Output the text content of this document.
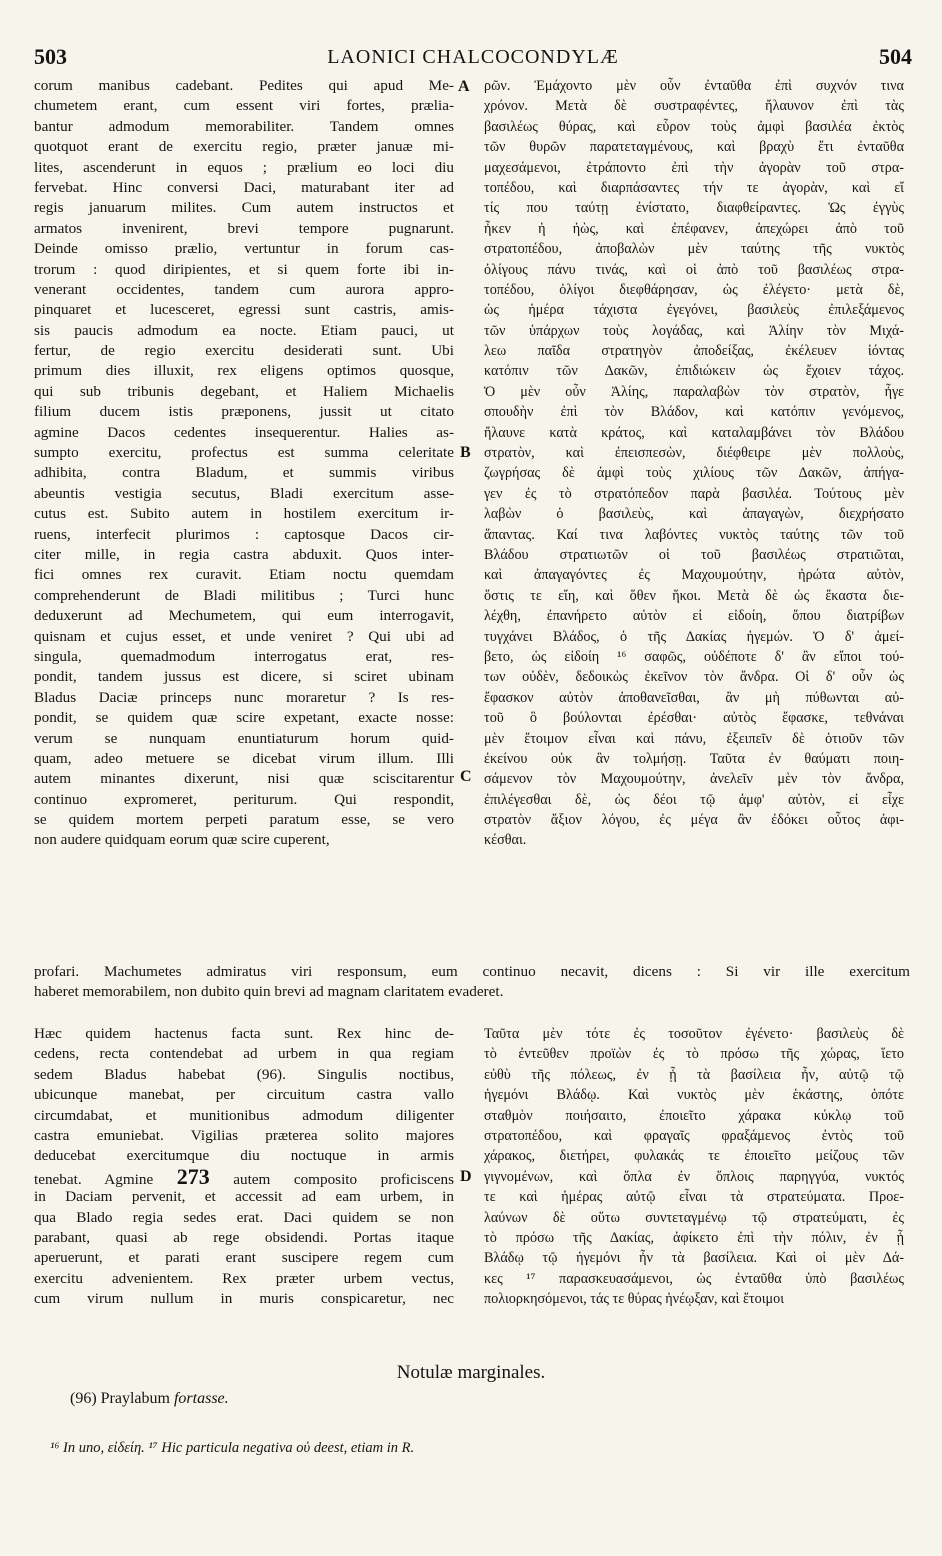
503	LAONICI CHALCOCONDYLÆ	504
A
B
C
D
corum manibus cadebant. Pedites qui apud Me-
chumetem erant, cum essent viri fortes, prælia-
bantur admodum memorabiliter. Tandem omnes
quotquot erant de exercitu regio, præter januæ mi-
lites, ascenderunt in equos ; prælium eo loci diu
fervebat. Hinc conversi Daci, maturabant iter ad
regis januarum milites. Cum autem instructos et
armatos invenirent, brevi tempore pugnarunt.
Deinde omisso prælio, vertuntur in forum cas-
trorum : quod diripientes, et si quem forte ibi in-
venerant occidentes, tandem cum aurora appro-
pinquaret et lucesceret, egressi sunt castris, amis-
sis paucis admodum ea nocte. Etiam pauci, ut
fertur, de regio exercitu desiderati sunt. Ubi
primum dies illuxit, rex eligens optimos quosque,
qui sub tribunis degebant, et Haliem Michaelis
filium ducem istis præponens, jussit ut citato
agmine Dacos cedentes insequerentur. Halies as-
sumpto exercitu, profectus est summa celeritate
adhibita, contra Bladum, et summis viribus
abeuntis vestigia secutus, Bladi exercitum asse-
cutus est. Subito autem in hostilem exercitum ir-
ruens, interfecit plurimos : captosque Dacos cir-
citer mille, in regia castra abduxit. Quos inter-
fici omnes rex curavit. Etiam noctu quemdam
comprehenderunt de Bladi militibus ; Turci hunc
deduxerunt ad Mechumetem, qui eum interrogavit,
quisnam et cujus esset, et unde veniret ? Qui ubi ad
singula, quemadmodum interrogatus erat, res-
pondit, tandem jussus est dicere, si sciret ubinam
Bladus Daciæ princeps nunc moraretur ? Is res-
pondit, se quidem quæ scire expetant, exacte nosse:
verum se nunquam enuntiaturum horum quid-
quam, adeo metuere se dicebat virum illum. Illi
autem minantes dixerunt, nisi quæ sciscitarentur
continuo expromeret, periturum. Qui respondit,
se quidem mortem perpeti paratum esse, se vero
non audere quidquam eorum quæ scire cuperent,
ρῶν. Ἐμάχοντο μὲν οὖν ἐνταῦθα ἐπὶ συχνόν τινα
χρόνον. Μετὰ δὲ συστραφέντες, ἤλαυνον ἐπὶ τὰς
βασιλέως θύρας, καὶ εὗρον τοὺς ἀμφὶ βασιλέα ἐκτὸς
τῶν θυρῶν παρατεταγμένους, καὶ βραχὺ ἔτι ἐνταῦθα
μαχεσάμενοι, ἐτράποντο ἐπὶ τὴν ἀγορὰν τοῦ στρα-
τοπέδου, καὶ διαρπάσαντες τήν τε ἀγορὰν, καὶ εἴ
τίς που ταύτῃ ἐνίστατο, διαφθείραντες. Ὡς ἐγγὺς
ἦκεν ἡ ἠὼς, καὶ ἐπέφανεν, ἀπεχώρει ἀπὸ τοῦ
στρατοπέδου, ἀποβαλὼν μὲν ταύτης τῆς νυκτὸς
ὀλίγους πάνυ τινάς, καὶ οἱ ἀπὸ τοῦ βασιλέως στρα-
τοπέδου, ὀλίγοι διεφθάρησαν, ὡς ἐλέγετο· μετὰ δὲ,
ὡς ἡμέρα τάχιστα ἐγεγόνει, βασιλεὺς ἐπιλεξάμενος
τῶν ὑπάρχων τοὺς λογάδας, καὶ Ἀλίην τὸν Μιχά-
λεω παῖδα στρατηγὸν ἀποδείξας, ἐκέλευεν ἰόντας
κατόπιν τῶν Δακῶν, ἐπιδιώκειν ὡς ἔχοιεν τάχος.
Ὁ μὲν οὖν Ἀλίης, παραλαβὼν τὸν στρατὸν, ἦγε
σπουδὴν ἐπὶ τὸν Βλάδον, καὶ κατόπιν γενόμενος,
ἤλαυνε κατὰ κράτος, καὶ καταλαμβάνει τὸν Βλάδου
στρατὸν, καὶ ἐπεισπεσὼν, διέφθειρε μὲν πολλοὺς,
ζωγρήσας δὲ ἀμφὶ τοὺς χιλίους τῶν Δακῶν, ἀπήγα-
γεν ἐς τὸ στρατόπεδον παρὰ βασιλέα. Τούτους μὲν
λαβὼν ὁ βασιλεὺς, καὶ ἀπαγαγὼν, διεχρήσατο
ἅπαντας. Καί τινα λαβόντες νυκτὸς ταύτης τῶν τοῦ
Βλάδου στρατιωτῶν οἱ τοῦ βασιλέως στρατιῶται,
καὶ ἀπαγαγόντες ἐς Μαχουμούτην, ἠρώτα αὐτὸν,
ὅστις τε εἴη, καὶ ὅθεν ἥκοι. Μετὰ δὲ ὡς ἕκαστα διε-
λέχθη, ἐπανήρετο αὐτὸν εἰ εἰδοίη, ὅπου διατρίβων
τυγχάνει Βλάδος, ὁ τῆς Δακίας ἡγεμών. Ὁ δ' ἀμεί-
βετο, ὡς εἰδοίη ¹⁶ σαφῶς, οὐδέποτε δ' ἂν εἴποι τού-
των οὐδὲν, δεδοικὼς ἐκεῖνον τὸν ἄνδρα. Οἱ δ' οὖν ὡς
ἔφασκον αὐτὸν ἀποθανεῖσθαι, ἂν μὴ πύθωνται αὐ-
τοῦ ὃ βούλονται ἐρέσθαι· αὐτὸς ἔφασκε, τεθνάναι
μὲν ἕτοιμον εἶναι καὶ πάνυ, ἐξειπεῖν δὲ ὁτιοῦν τῶν
ἐκείνου οὐκ ἂν τολμήσῃ. Ταῦτα ἐν θαύματι ποιη-
σάμενον τὸν Μαχουμούτην, ἀνελεῖν μὲν τὸν ἄνδρα,
ἐπιλέγεσθαι δὲ, ὡς δέοι τῷ ἀμφ' αὐτὸν, εἰ εἶχε
στρατὸν ἄξιον λόγου, ἐς μέγα ἂν ἐδόκει οὗτος ἀφι-
κέσθαι.
profari. Machumetes admiratus viri responsum, eum continuo necavit, dicens : Si vir ille exercitum
haberet memorabilem, non dubito quin brevi ad magnam claritatem evaderet.
Hæc quidem hactenus facta sunt. Rex hinc de-
cedens, recta contendebat ad urbem in qua regiam
sedem Bladus habebat (96). Singulis noctibus,
ubicunque manebat, per circuitum castra vallo
circumdabat, et munitionibus admodum diligenter
castra emuniebat. Vigilias præterea solito majores
deducebat exercitumque diu noctuque in armis
tenebat. Agmine 273 autem composito proficiscens
in Daciam pervenit, et accessit ad eam urbem, in
qua Blado regia sedes erat. Daci quidem se non
parabant, quasi ab rege obsidendi. Portas itaque
aperuerunt, et parati erant suscipere regem cum
exercitu advenientem. Rex præter urbem vectus,
cum virum nullum in muris conspicaretur, nec
Ταῦτα μὲν τότε ἐς τοσοῦτον ἐγένετο· βασιλεὺς δὲ
τὸ ἐντεῦθεν προϊὼν ἐς τὸ πρόσω τῆς χώρας, ἵετο
εὐθὺ τῆς πόλεως, ἐν ᾗ τὰ βασίλεια ἦν, αὐτῷ τῷ
ἡγεμόνι Βλάδῳ. Καὶ νυκτὸς μὲν ἑκάστης, ὁπότε
σταθμὸν ποιήσαιτο, ἐποιεῖτο χάρακα κύκλῳ τοῦ
στρατοπέδου, καὶ φραγαῖς φραξάμενος ἐντὸς τοῦ
χάρακος, διετήρει, φυλακάς τε ἐποιεῖτο μείζους τῶν
γιγνομένων, καὶ ὅπλα ἐν ὅπλοις παρηγγύα, νυκτός
τε καὶ ἡμέρας αὐτῷ εἶναι τὰ στρατεύματα. Προε-
λαύνων δὲ οὕτω συντεταγμένῳ τῷ στρατεύματι, ἐς
τὸ πρόσω τῆς Δακίας, ἀφίκετο ἐπὶ τὴν πόλιν, ἐν ᾗ
Βλάδῳ τῷ ἡγεμόνι ἦν τὰ βασίλεια. Καὶ οἱ μὲν Δά-
κες ¹⁷ παρασκευασάμενοι, ὡς ἐνταῦθα ὑπὸ βασιλέως
πολιορκησόμενοι, τάς τε θύρας ἠνέῳξαν, καὶ ἕτοιμοι
Notulæ marginales.
(96) Praylabum fortasse.
¹⁶ In uno, εἰδείη. ¹⁷ Hic particula negativa οὐ deest, etiam in R.
